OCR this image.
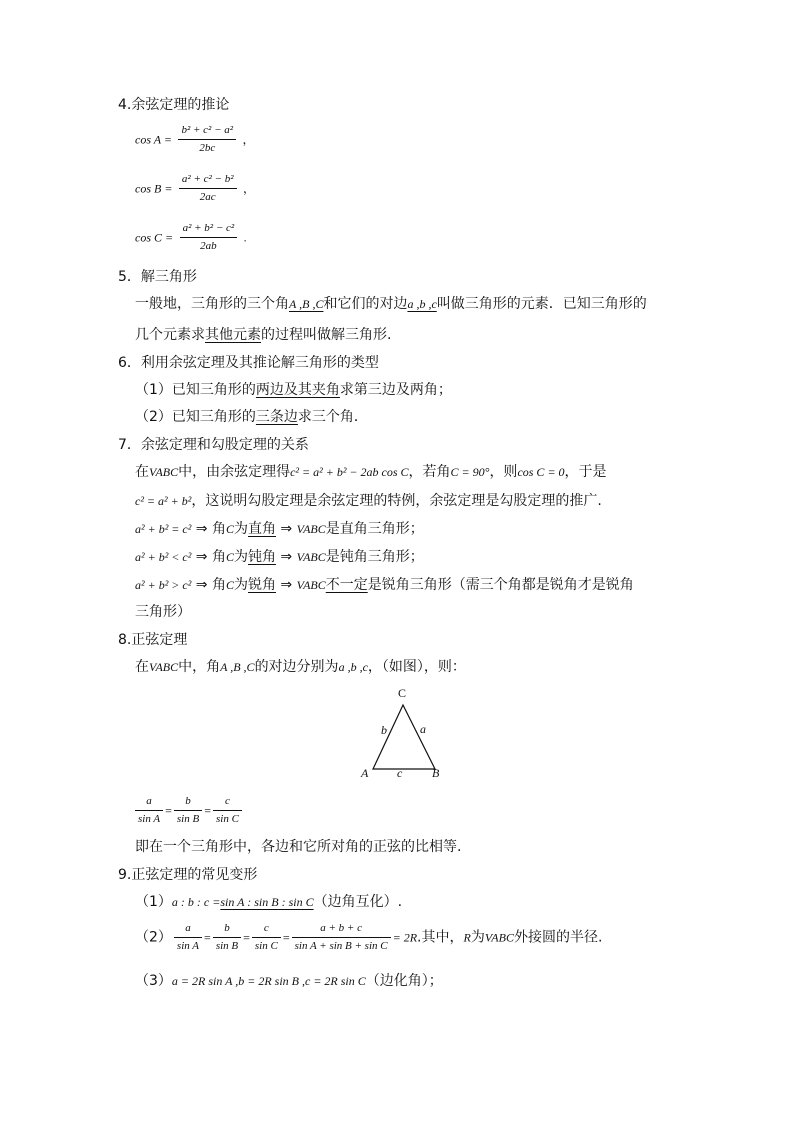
4.余弦定理的推论
$\cos A = \frac{\text{b² + c² − a²}}{2bc}$ ，
$\cos B = \frac{\text{a² + c² − b²}}{2ac}$ ，
$\cos C = \frac{\text{a² + b² − c²}}{2ab}$ .
5．解三角形
一般地，三角形的三个角A ,B ,C和它们的对边a ,b ,c叫做三角形的元素．已知三角形的
几个元素求其他元素的过程叫做解三角形.
6．利用余弦定理及其推论解三角形的类型
（1）已知三角形的两边及其夹角求第三边及两角；
（2）已知三角形的三条边求三个角．
7．余弦定理和勾股定理的关系
在VABC中，由余弦定理得c² = a² + b² − 2ab cos C，若角C = 90°，则cos C = 0，于是
c² = a² + b²，这说明勾股定理是余弦定理的特例，余弦定理是勾股定理的推广.
a² + b² = c² ⇒ 角C为直角 ⇒ VABC是直角三角形；
a² + b² < c² ⇒ 角C为钝角 ⇒ VABC是钝角三角形；
a² + b² > c² ⇒ 角C为锐角 ⇒ VABC不一定是锐角三角形（需三个角都是锐角才是锐角
三角形）
8.正弦定理
在VABC中，角A ,B ,C的对边分别为a ,b ,c，（如图），则：
C
A	B
b	a
c
$\frac{a}{\text{sin A}} = \frac{b}{\text{sin B}} = \frac{c}{\text{sin C}}$
即在一个三角形中，各边和它所对角的正弦的比相等.
9.正弦定理的常见变形
（1）a : b : c =sin A : sin B : sin C（边角互化）.
$(2) \frac{a}{\text{sin A}} = \frac{b}{\text{sin B}} = \frac{c}{\text{sin C}} = \frac{a + b + c}{\text{sin A + sin B + sin C}} = 2R$.其中，R为VABC外接圆的半径.
（3）a = 2R sin A ,b = 2R sin B ,c = 2R sin C（边化角）；
